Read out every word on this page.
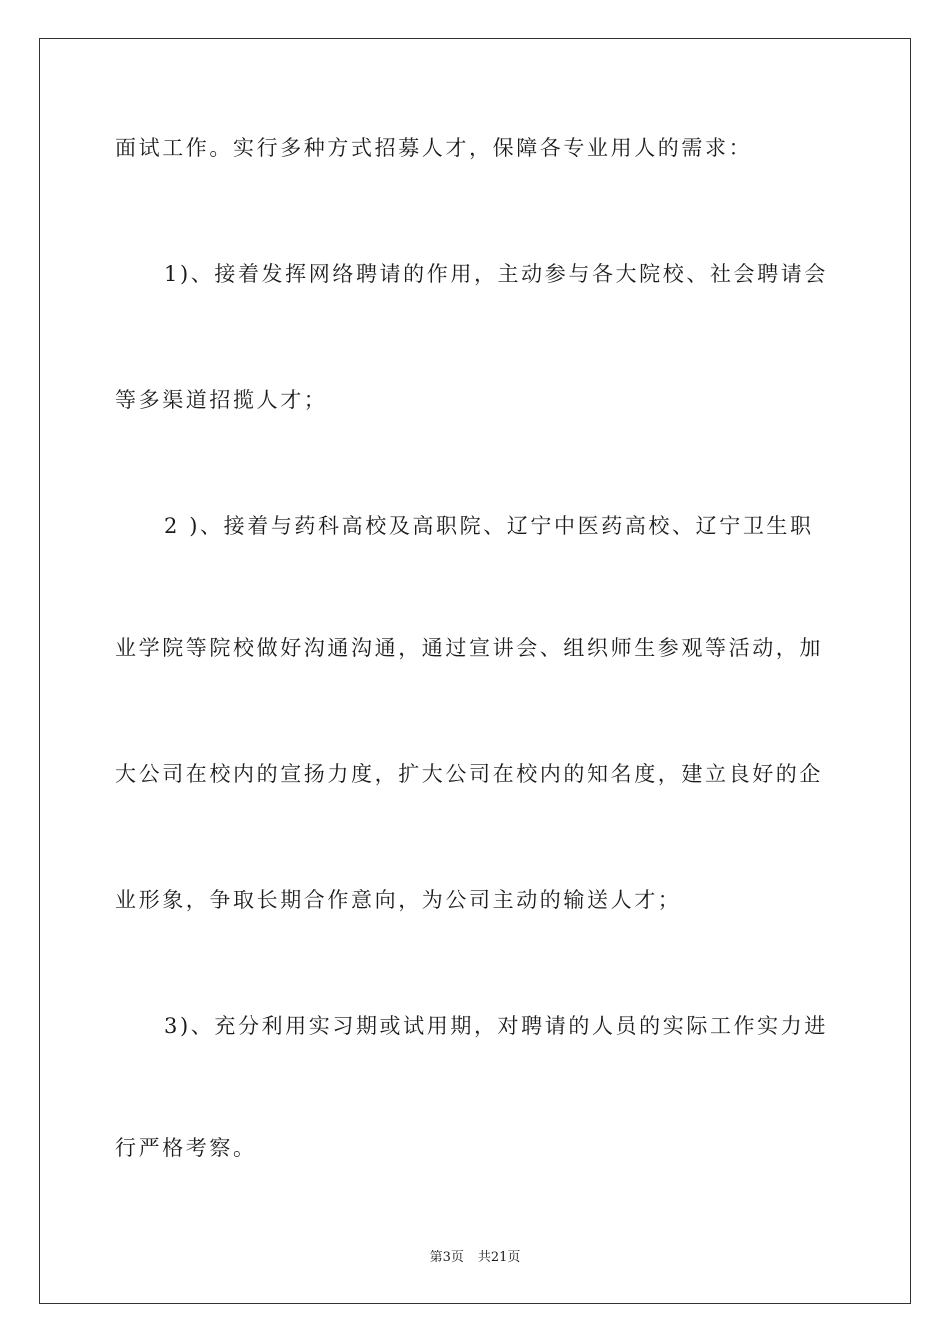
面试工作。实行多种方式招募人才，保障各专业用人的需求：
1)、接着发挥网络聘请的作用，主动参与各大院校、社会聘请会
等多渠道招揽人才；
2 )、接着与药科高校及高职院、辽宁中医药高校、辽宁卫生职
业学院等院校做好沟通沟通，通过宣讲会、组织师生参观等活动，加
大公司在校内的宣扬力度，扩大公司在校内的知名度，建立良好的企
业形象，争取长期合作意向，为公司主动的输送人才；
3)、充分利用实习期或试用期，对聘请的人员的实际工作实力进
行严格考察。
第3页 共21页
